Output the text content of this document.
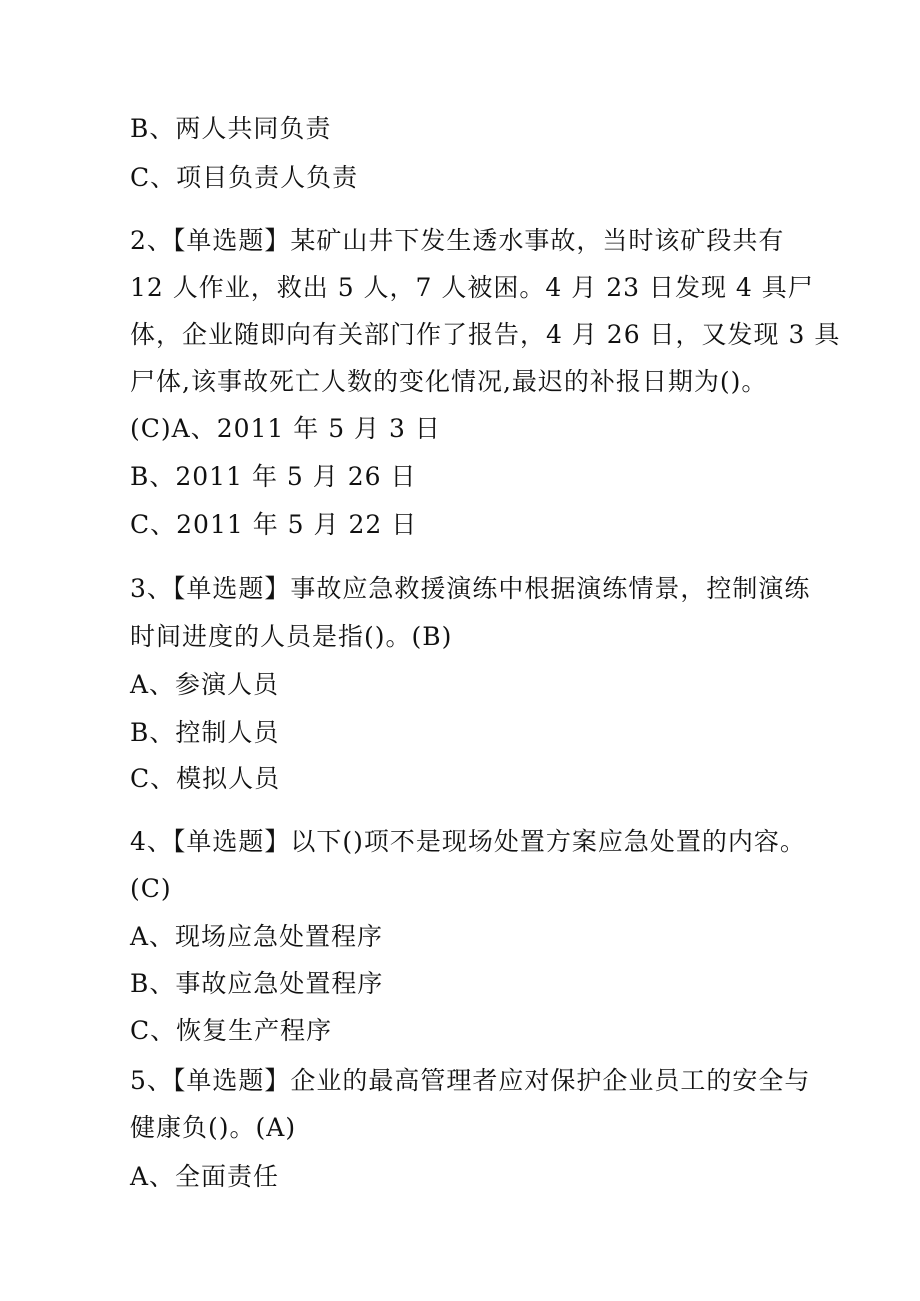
B、两人共同负责
C、项目负责人负责
2、【单选题】某矿山井下发生透水事故，当时该矿段共有
12 人作业，救出 5 人，7 人被困。4 月 23 日发现 4 具尸
体，企业随即向有关部门作了报告，4 月 26 日，又发现 3 具
尸体,该事故死亡人数的变化情况,最迟的补报日期为()。
(C)A、2011 年 5 月 3 日
B、2011 年 5 月 26 日
C、2011 年 5 月 22 日
3、【单选题】事故应急救援演练中根据演练情景，控制演练
时间进度的人员是指()。(B)
A、参演人员
B、控制人员
C、模拟人员
4、【单选题】以下()项不是现场处置方案应急处置的内容。
(C)
A、现场应急处置程序
B、事故应急处置程序
C、恢复生产程序
5、【单选题】企业的最高管理者应对保护企业员工的安全与
健康负()。(A)
A、全面责任
